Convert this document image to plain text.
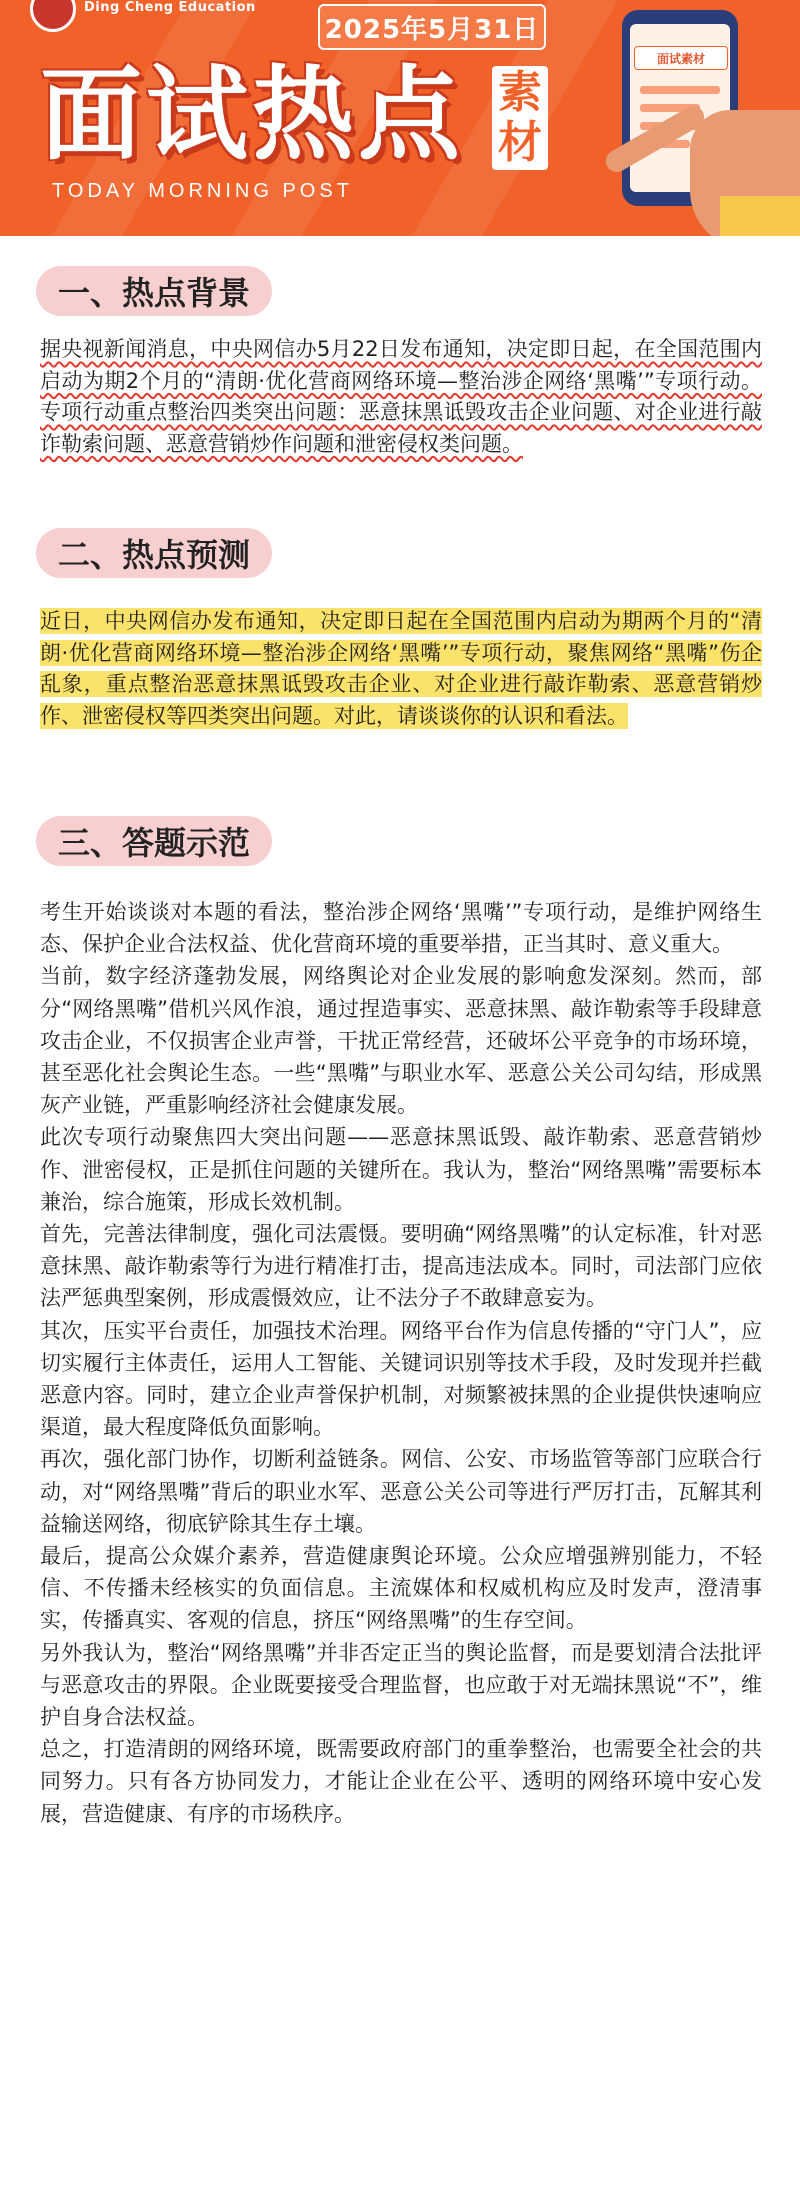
Ding Cheng Education
2025年5月31日
面试热点 素
材
TODAY MORNING POST
面试素材
一、热点背景

据央视新闻消息，中央网信办5月22日发布通知，决定即日起，在全国范围内启动为期2个月的“清朗·优化营商网络环境—整治涉企网络‘黑嘴’”专项行动。专项行动重点整治四类突出问题：恶意抹黑诋毁攻击企业问题、对企业进行敲诈勒索问题、恶意营销炒作问题和泄密侵权类问题。

二、热点预测

近日，中央网信办发布通知，决定即日起在全国范围内启动为期两个月的“清朗·优化营商网络环境—整治涉企网络‘黑嘴’”专项行动，聚焦网络“黑嘴”伤企乱象，重点整治恶意抹黑诋毁攻击企业、对企业进行敲诈勒索、恶意营销炒作、泄密侵权等四类突出问题。对此，请谈谈你的认识和看法。

三、答题示范

考生开始谈谈对本题的看法，整治涉企网络‘黑嘴’”专项行动，是维护网络生态、保护企业合法权益、优化营商环境的重要举措，正当其时、意义重大。

当前，数字经济蓬勃发展，网络舆论对企业发展的影响愈发深刻。然而，部分“网络黑嘴”借机兴风作浪，通过捏造事实、恶意抹黑、敲诈勒索等手段肆意攻击企业，不仅损害企业声誉，干扰正常经营，还破坏公平竞争的市场环境，甚至恶化社会舆论生态。一些“黑嘴”与职业水军、恶意公关公司勾结，形成黑灰产业链，严重影响经济社会健康发展。

此次专项行动聚焦四大突出问题——恶意抹黑诋毁、敲诈勒索、恶意营销炒作、泄密侵权，正是抓住问题的关键所在。我认为，整治“网络黑嘴”需要标本兼治，综合施策，形成长效机制。

首先，完善法律制度，强化司法震慑。要明确“网络黑嘴”的认定标准，针对恶意抹黑、敲诈勒索等行为进行精准打击，提高违法成本。同时，司法部门应依法严惩典型案例，形成震慑效应，让不法分子不敢肆意妄为。

其次，压实平台责任，加强技术治理。网络平台作为信息传播的“守门人”，应切实履行主体责任，运用人工智能、关键词识别等技术手段，及时发现并拦截恶意内容。同时，建立企业声誉保护机制，对频繁被抹黑的企业提供快速响应渠道，最大程度降低负面影响。

再次，强化部门协作，切断利益链条。网信、公安、市场监管等部门应联合行动，对“网络黑嘴”背后的职业水军、恶意公关公司等进行严厉打击，瓦解其利益输送网络，彻底铲除其生存土壤。

最后，提高公众媒介素养，营造健康舆论环境。公众应增强辨别能力，不轻信、不传播未经核实的负面信息。主流媒体和权威机构应及时发声，澄清事实，传播真实、客观的信息，挤压“网络黑嘴”的生存空间。

另外我认为，整治“网络黑嘴”并非否定正当的舆论监督，而是要划清合法批评与恶意攻击的界限。企业既要接受合理监督，也应敢于对无端抹黑说“不”，维护自身合法权益。

总之，打造清朗的网络环境，既需要政府部门的重拳整治，也需要全社会的共同努力。只有各方协同发力，才能让企业在公平、透明的网络环境中安心发展，营造健康、有序的市场秩序。
